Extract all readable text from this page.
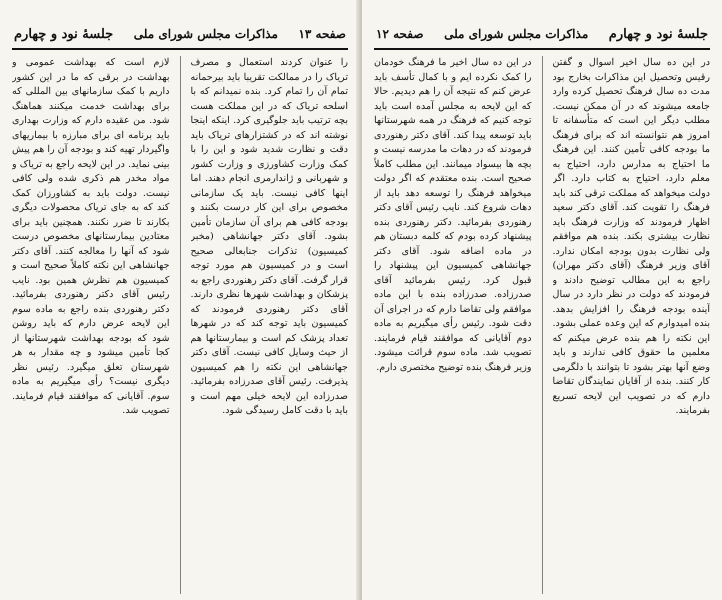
صفحه ۱۳
مذاکرات مجلس شورای ملی
جلسهٔ نود و چهارم

را عنوان کردند استعمال و مصرف تریاک را در ممالکت تقریبا باید بیرحمانه تمام آن را تمام کرد. بنده نمیدانم که با اسلحه تریاک که در این مملکت هست بچه ترتیب باید جلوگیری کرد. اینکه اینجا نوشته اند که در کشتزارهای تریاک باید دقت و نظارت شدید شود و این را با کمک وزارت کشاورزی و وزارت کشور و شهربانی و ژاندارمری انجام دهند. اما اینها کافی نیست. باید یک سازمانی مخصوص برای این کار درست بکنند و بودجه کافی هم برای آن سازمان تأمین بشود. آقای دکتر جهانشاهی (مخبر کمیسیون) تذکرات جنابعالی صحیح است و در کمیسیون هم مورد توجه قرار گرفت. آقای دکتر رهنوردی راجع به پزشکان و بهداشت شهرها نظری دارند. آقای دکتر رهنوردی فرمودند که کمیسیون باید توجه کند که در شهرها تعداد پزشک کم است و بیمارستانها هم از حیث وسایل کافی نیست. آقای دکتر جهانشاهی این نکته را هم کمیسیون پذیرفت. رئیس آقای صدرزاده بفرمائید. صدرزاده این لایحه خیلی مهم است و باید با دقت کامل رسیدگی شود.

لازم است که بهداشت عمومی و بهداشت در برقی که ما در این کشور داریم با کمک سازمانهای بین المللی که برای بهداشت خدمت میکنند هماهنگ شود. من عقیده دارم که وزارت بهداری باید برنامه ای برای مبارزه با بیماریهای واگیردار تهیه کند و بودجه آن را هم پیش بینی نماید. در این لایحه راجع به تریاک و مواد مخدر هم ذکری شده ولی کافی نیست. دولت باید به کشاورزان کمک کند که به جای تریاک محصولات دیگری بکارند تا ضرر نکنند. همچنین باید برای معتادین بیمارستانهای مخصوص درست شود که آنها را معالجه کنند. آقای دکتر جهانشاهی این نکته کاملاً صحیح است و کمیسیون هم نظرش همین بود. نایب رئیس آقای دکتر رهنوردی بفرمائید. دکتر رهنوردی بنده راجع به ماده سوم این لایحه عرض دارم که باید روشن شود که بودجه بهداشت شهرستانها از کجا تأمین میشود و چه مقدار به هر شهرستان تعلق میگیرد. رئیس نظر دیگری نیست؟ رأی میگیریم به ماده سوم. آقایانی که موافقند قیام فرمایند. تصویب شد.

جلسهٔ نود و چهارم
مذاکرات مجلس شورای ملی
صفحه ۱۲

در این ده سال اخیر اسوال و گفتن رقیس وتحصیل این مذاکرات بخارج بود مدت ده سال فرهنگ تحصیل کرده وارد جامعه میشوند که در آن ممکن نیست. مطلب دیگر این است که متأسفانه تا امروز هم نتوانسته اند که برای فرهنگ ما بودجه کافی تأمین کنند. این فرهنگ ما احتیاج به مدارس دارد، احتیاج به معلم دارد، احتیاج به کتاب دارد. اگر دولت میخواهد که مملکت ترقی کند باید فرهنگ را تقویت کند. آقای دکتر سعید اظهار فرمودند که وزارت فرهنگ باید نظارت بیشتری بکند. بنده هم موافقم ولی نظارت بدون بودجه امکان ندارد. آقای وزیر فرهنگ (آقای دکتر مهران) راجع به این مطالب توضیح دادند و فرمودند که دولت در نظر دارد در سال آینده بودجه فرهنگ را افزایش بدهد. بنده امیدوارم که این وعده عملی بشود. این نکته را هم بنده عرض میکنم که معلمین ما حقوق کافی ندارند و باید وضع آنها بهتر بشود تا بتوانند با دلگرمی کار کنند. بنده از آقایان نمایندگان تقاضا دارم که در تصویب این لایحه تسریع بفرمایند.

در این ده سال اخیر ما فرهنگ خودمان را کمک نکرده ایم و با کمال تأسف باید عرض کنم که نتیجه آن را هم دیدیم. حالا که این لایحه به مجلس آمده است باید توجه کنیم که فرهنگ در همه شهرستانها باید توسعه پیدا کند. آقای دکتر رهنوردی فرمودند که در دهات ما مدرسه نیست و بچه ها بیسواد میمانند. این مطلب کاملاً صحیح است. بنده معتقدم که اگر دولت میخواهد فرهنگ را توسعه دهد باید از دهات شروع کند. نایب رئیس آقای دکتر رهنوردی بفرمائید. دکتر رهنوردی بنده پیشنهاد کرده بودم که کلمه دبستان هم در ماده اضافه شود. آقای دکتر جهانشاهی کمیسیون این پیشنهاد را قبول کرد. رئیس بفرمائید آقای صدرزاده. صدرزاده بنده با این ماده موافقم ولی تقاضا دارم که در اجرای آن دقت شود. رئیس رأی میگیریم به ماده دوم آقایانی که موافقند قیام فرمایند. تصویب شد. ماده سوم قرائت میشود. وزیر فرهنگ بنده توضیح مختصری دارم.
